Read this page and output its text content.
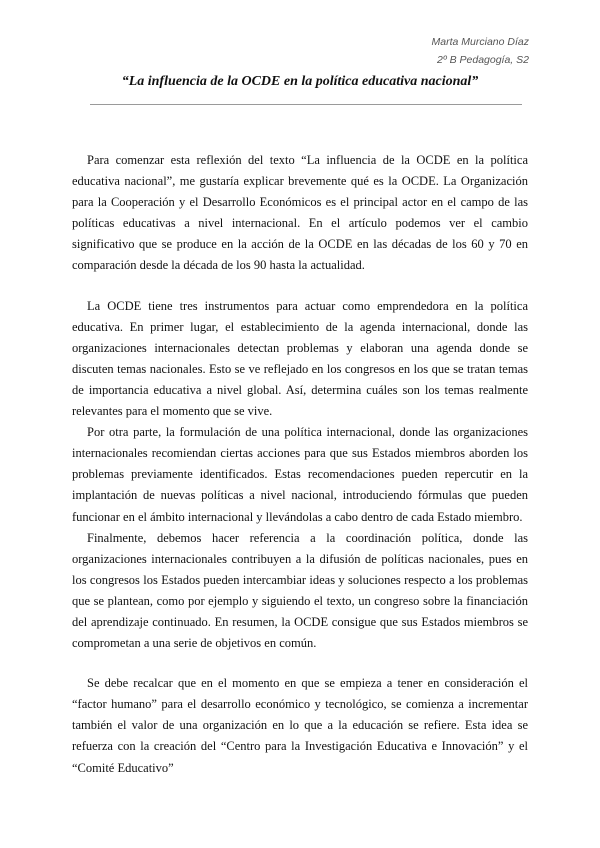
Marta Murciano Díaz
2º B Pedagogía, S2
“La influencia de la OCDE en la política educativa nacional”

Para comenzar esta reflexión del texto “La influencia de la OCDE en la política educativa nacional”, me gustaría explicar brevemente qué es la OCDE. La Organización para la Cooperación y el Desarrollo Económicos es el principal actor en el campo de las políticas educativas a nivel internacional. En el artículo podemos ver el cambio significativo que se produce en la acción de la OCDE en las décadas de los 60 y 70 en comparación desde la década de los 90 hasta la actualidad.

La OCDE tiene tres instrumentos para actuar como emprendedora en la política educativa. En primer lugar, el establecimiento de la agenda internacional, donde las organizaciones internacionales detectan problemas y elaboran una agenda donde se discuten temas nacionales. Esto se ve reflejado en los congresos en los que se tratan temas de importancia educativa a nivel global. Así, determina cuáles son los temas realmente relevantes para el momento que se vive.

Por otra parte, la formulación de una política internacional, donde las organizaciones internacionales recomiendan ciertas acciones para que sus Estados miembros aborden los problemas previamente identificados. Estas recomendaciones pueden repercutir en la implantación de nuevas políticas a nivel nacional, introduciendo fórmulas que pueden funcionar en el ámbito internacional y llevándolas a cabo dentro de cada Estado miembro.

Finalmente, debemos hacer referencia a la coordinación política, donde las organizaciones internacionales contribuyen a la difusión de políticas nacionales, pues en los congresos los Estados pueden intercambiar ideas y soluciones respecto a los problemas que se plantean, como por ejemplo y siguiendo el texto, un congreso sobre la financiación del aprendizaje continuado. En resumen, la OCDE consigue que sus Estados miembros se comprometan a una serie de objetivos en común.

Se debe recalcar que en el momento en que se empieza a tener en consideración el “factor humano” para el desarrollo económico y tecnológico, se comienza a incrementar también el valor de una organización en lo que a la educación se refiere. Esta idea se refuerza con la creación del “Centro para la Investigación Educativa e Innovación” y el “Comité Educativo”
